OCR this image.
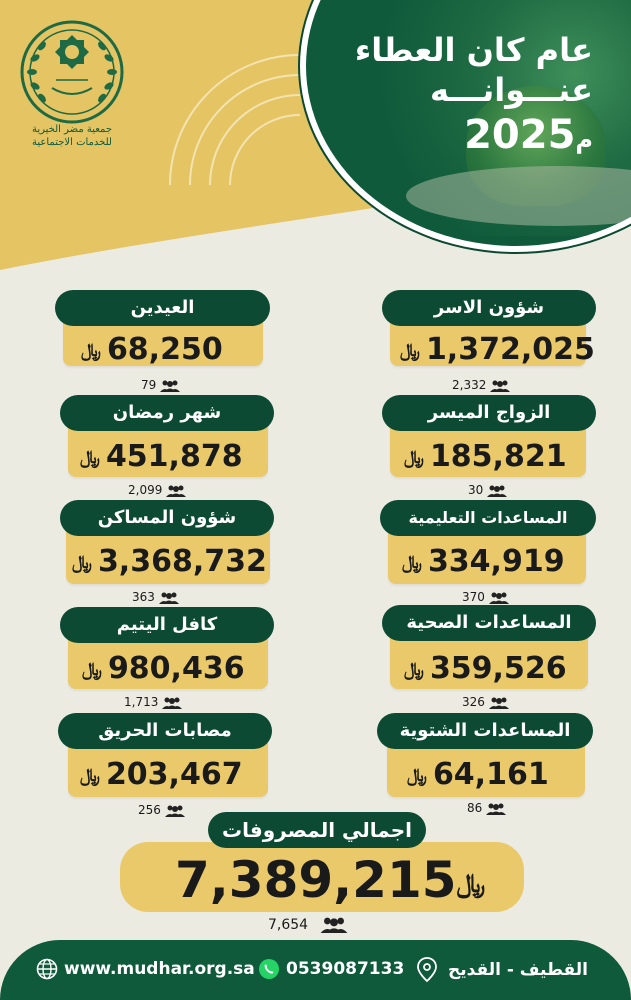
عام كان العطاء
عنـــوانـــه
م2025
جمعية مضر الخيرية
للخدمات الاجتماعية
العيدين
﷼ 68,250
79
شؤون الاسر
﷼ 1,372,025
2,332
شهر رمضان
﷼ 451,878
2,099
الزواج الميسر
﷼ 185,821
30
شؤون المساكن
﷼ 3,368,732
363
المساعدات التعليمية
﷼ 334,919
370
كافل اليتيم
﷼ 980,436
1,713
المساعدات الصحية
﷼ 359,526
326
مصابات الحريق
﷼ 203,467
256
المساعدات الشتوية
﷼ 64,161
86
اجمالي المصروفات
﷼7,389,215
7,654
www.mudhar.org.sa	0539087133	القطيف - القديح
